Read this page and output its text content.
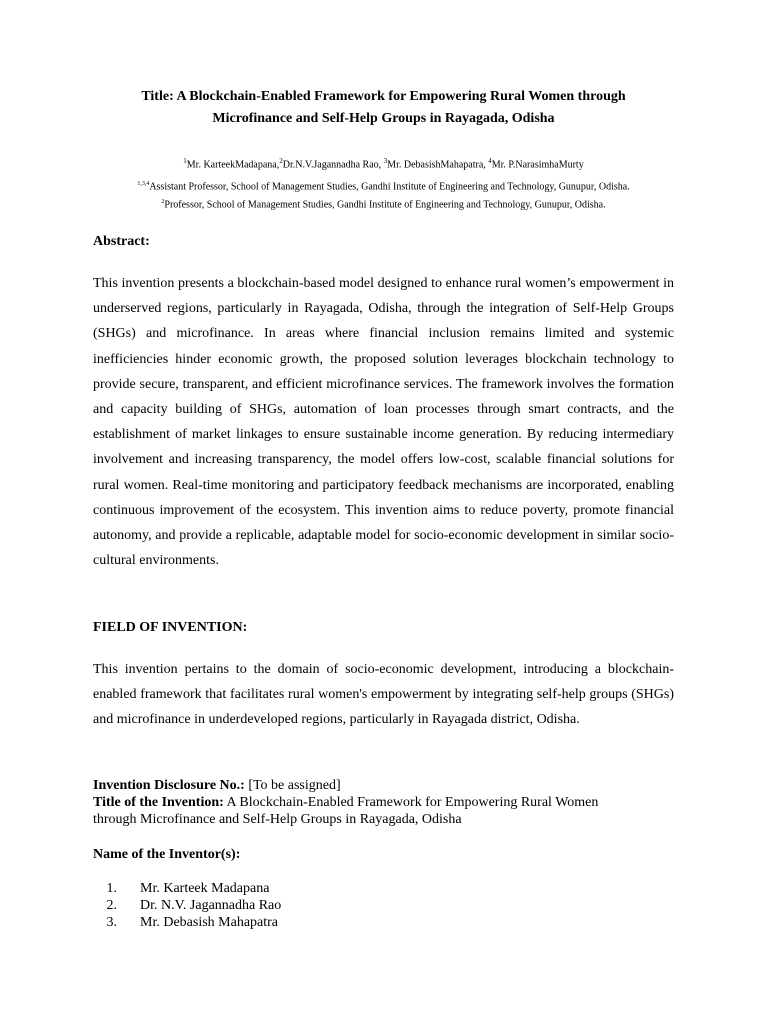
Title: A Blockchain-Enabled Framework for Empowering Rural Women through
Microfinance and Self-Help Groups in Rayagada, Odisha
$^1$Mr. KarteekMadapana,$^2$Dr.N.V.Jagannadha Rao, $^3$Mr. DebasishMahapatra, $^4$Mr. P.NarasimhaMurty
$^{1,3,4}$Assistant Professor, School of Management Studies, Gandhi Institute of Engineering and Technology, Gunupur, Odisha.
$^2$Professor, School of Management Studies, Gandhi Institute of Engineering and Technology, Gunupur, Odisha.
Abstract:

This invention presents a blockchain-based model designed to enhance rural women’s empowerment in underserved regions, particularly in Rayagada, Odisha, through the integration of Self-Help Groups (SHGs) and microfinance. In areas where financial inclusion remains limited and systemic inefficiencies hinder economic growth, the proposed solution leverages blockchain technology to provide secure, transparent, and efficient microfinance services. The framework involves the formation and capacity building of SHGs, automation of loan processes through smart contracts, and the establishment of market linkages to ensure sustainable income generation. By reducing intermediary involvement and increasing transparency, the model offers low-cost, scalable financial solutions for rural women. Real-time monitoring and participatory feedback mechanisms are incorporated, enabling continuous improvement of the ecosystem. This invention aims to reduce poverty, promote financial autonomy, and provide a replicable, adaptable model for socio-economic development in similar socio-cultural environments.

FIELD OF INVENTION:

This invention pertains to the domain of socio-economic development, introducing a blockchain-enabled framework that facilitates rural women's empowerment by integrating self-help groups (SHGs) and microfinance in underdeveloped regions, particularly in Rayagada district, Odisha.

Invention Disclosure No.: [To be assigned]
Title of the Invention: A Blockchain-Enabled Framework for Empowering Rural Women
through Microfinance and Self-Help Groups in Rayagada, Odisha
Name of the Inventor(s):
1. Mr. Karteek Madapana
2. Dr. N.V. Jagannadha Rao
3. Mr. Debasish Mahapatra
